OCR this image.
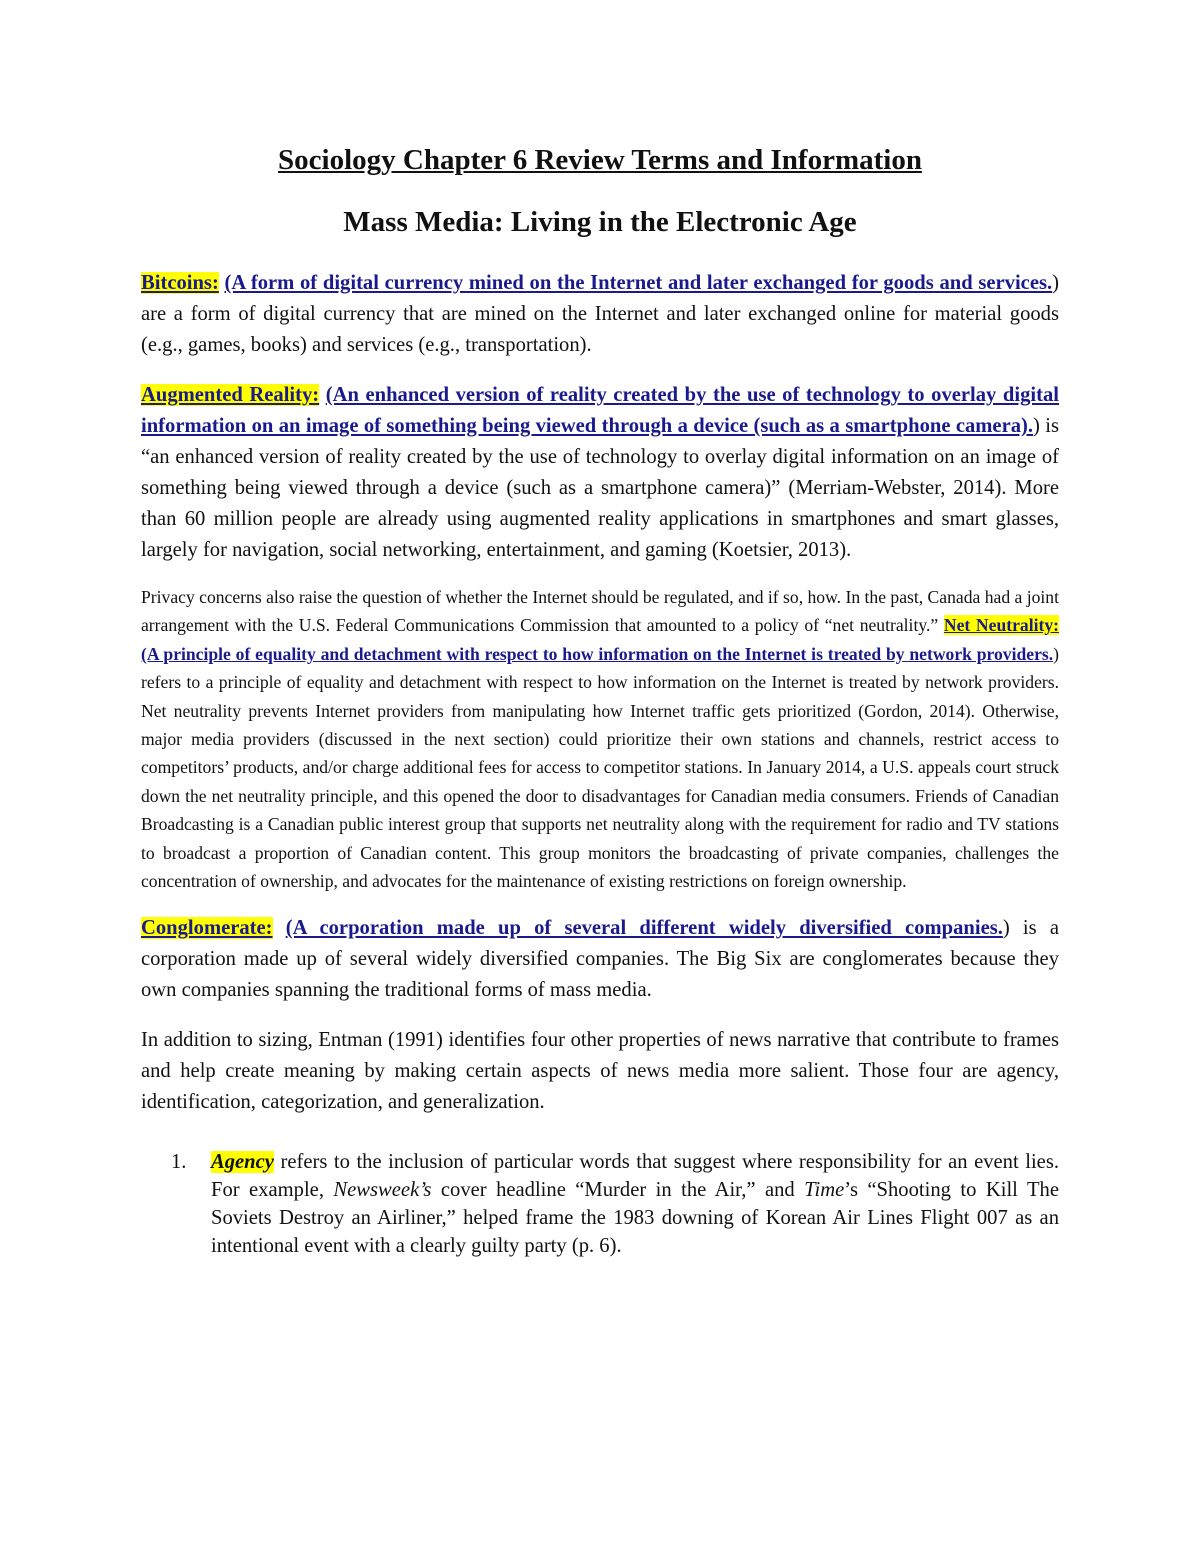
Sociology Chapter 6 Review Terms and Information
Mass Media: Living in the Electronic Age

Bitcoins: (A form of digital currency mined on the Internet and later exchanged for goods and services.) are a form of digital currency that are mined on the Internet and later exchanged online for material goods (e.g., games, books) and services (e.g., transportation).

Augmented Reality: (An enhanced version of reality created by the use of technology to overlay digital information on an image of something being viewed through a device (such as a smartphone camera).) is “an enhanced version of reality created by the use of technology to overlay digital information on an image of something being viewed through a device (such as a smartphone camera)” (Merriam-Webster, 2014). More than 60 million people are already using augmented reality applications in smartphones and smart glasses, largely for navigation, social networking, entertainment, and gaming (Koetsier, 2013).

Privacy concerns also raise the question of whether the Internet should be regulated, and if so, how. In the past, Canada had a joint arrangement with the U.S. Federal Communications Commission that amounted to a policy of “net neutrality.” Net Neutrality: (A principle of equality and detachment with respect to how information on the Internet is treated by network providers.) refers to a principle of equality and detachment with respect to how information on the Internet is treated by network providers. Net neutrality prevents Internet providers from manipulating how Internet traffic gets prioritized (Gordon, 2014). Otherwise, major media providers (discussed in the next section) could prioritize their own stations and channels, restrict access to competitors’ products, and/or charge additional fees for access to competitor stations. In January 2014, a U.S. appeals court struck down the net neutrality principle, and this opened the door to disadvantages for Canadian media consumers. Friends of Canadian Broadcasting is a Canadian public interest group that supports net neutrality along with the requirement for radio and TV stations to broadcast a proportion of Canadian content. This group monitors the broadcasting of private companies, challenges the concentration of ownership, and advocates for the maintenance of existing restrictions on foreign ownership.

Conglomerate: (A corporation made up of several different widely diversified companies.) is a corporation made up of several widely diversified companies. The Big Six are conglomerates because they own companies spanning the traditional forms of mass media.

In addition to sizing, Entman (1991) identifies four other properties of news narrative that contribute to frames and help create meaning by making certain aspects of news media more salient. Those four are agency, identification, categorization, and generalization.

1. Agency refers to the inclusion of particular words that suggest where responsibility for an event lies. For example, Newsweek’s cover headline “Murder in the Air,” and Time’s “Shooting to Kill The Soviets Destroy an Airliner,” helped frame the 1983 downing of Korean Air Lines Flight 007 as an intentional event with a clearly guilty party (p. 6).
